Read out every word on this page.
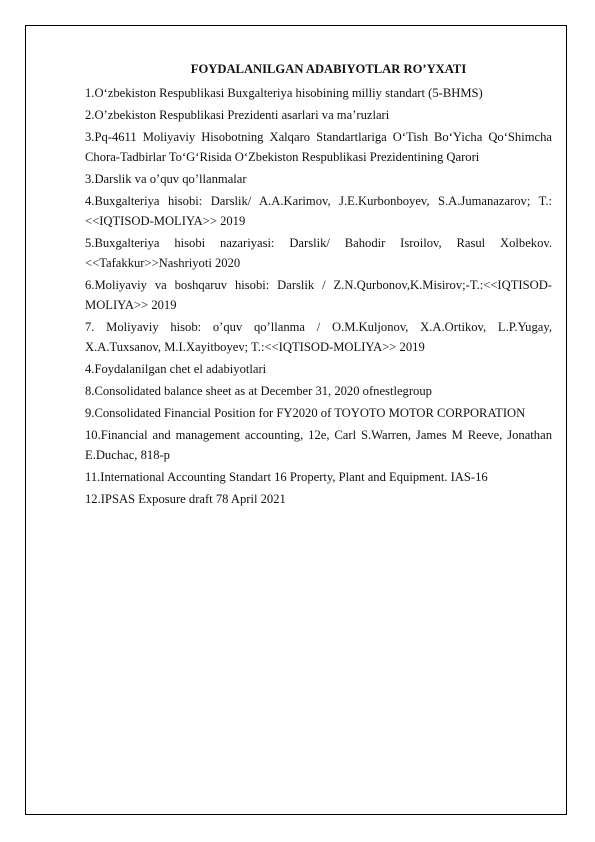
FOYDALANILGAN ADABIYOTLAR RO’YXATI

1.O‘zbekiston Respublikasi Buxgalteriya hisobining milliy standart (5-BHMS)

2.O’zbekiston Respublikasi Prezidenti asarlari va ma’ruzlari

3.Pq-4611 Moliyaviy Hisobotning Xalqaro Standartlariga O‘Tish Bo‘Yicha Qo‘Shimcha Chora-Tadbirlar To‘G‘Risida O‘Zbekiston Respublikasi Prezidentining Qarori

3.Darslik va o’quv qo’llanmalar

4.Buxgalteriya hisobi: Darslik/ A.A.Karimov, J.E.Kurbonboyev, S.A.Jumanazarov; T.: <<IQTISOD-MOLIYA>> 2019

5.Buxgalteriya hisobi nazariyasi: Darslik/ Bahodir Isroilov, Rasul Xolbekov. <<Tafakkur>>Nashriyoti 2020

6.Moliyaviy va boshqaruv hisobi: Darslik / Z.N.Qurbonov,K.Misirov;-T.:<<IQTISOD-MOLIYA>> 2019

7. Moliyaviy hisob: o’quv qo’llanma / O.M.Kuljonov, X.A.Ortikov, L.P.Yugay, X.A.Tuxsanov, M.I.Xayitboyev; T.:<<IQTISOD-MOLIYA>> 2019

4.Foydalanilgan chet el adabiyotlari

8.Consolidated balance sheet as at December 31, 2020 ofnestlegroup

9.Consolidated Financial Position for FY2020 of TOYOTO MOTOR CORPORATION

10.Financial and management accounting, 12e, Carl S.Warren, James M Reeve, Jonathan E.Duchac, 818-p

11.International Accounting Standart 16 Property, Plant and Equipment. IAS-16

12.IPSAS Exposure draft 78 April 2021
